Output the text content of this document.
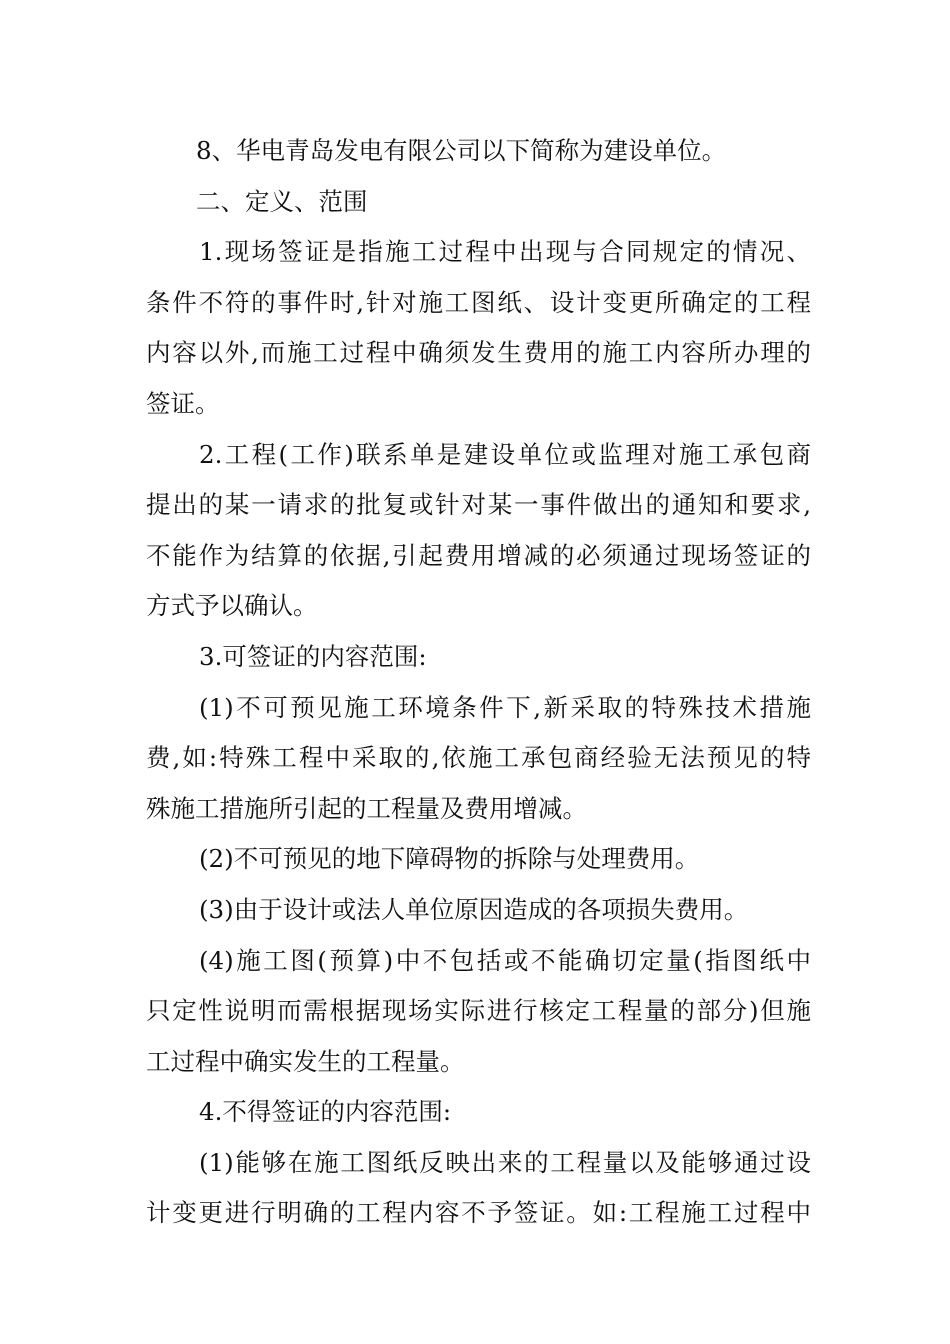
8、华电青岛发电有限公司以下简称为建设单位。
二、定义、范围
1.现场签证是指施工过程中出现与合同规定的情况、
条件不符的事件时,针对施工图纸、设计变更所确定的工程
内容以外,而施工过程中确须发生费用的施工内容所办理的
签证。
2.工程(工作)联系单是建设单位或监理对施工承包商
提出的某一请求的批复或针对某一事件做出的通知和要求,
不能作为结算的依据,引起费用增减的必须通过现场签证的
方式予以确认。
3.可签证的内容范围:
(1)不可预见施工环境条件下,新采取的特殊技术措施
费,如:特殊工程中采取的,依施工承包商经验无法预见的特
殊施工措施所引起的工程量及费用增减。
(2)不可预见的地下障碍物的拆除与处理费用。
(3)由于设计或法人单位原因造成的各项损失费用。
(4)施工图(预算)中不包括或不能确切定量(指图纸中
只定性说明而需根据现场实际进行核定工程量的部分)但施
工过程中确实发生的工程量。
4.不得签证的内容范围:
(1)能够在施工图纸反映出来的工程量以及能够通过设
计变更进行明确的工程内容不予签证。如:工程施工过程中
